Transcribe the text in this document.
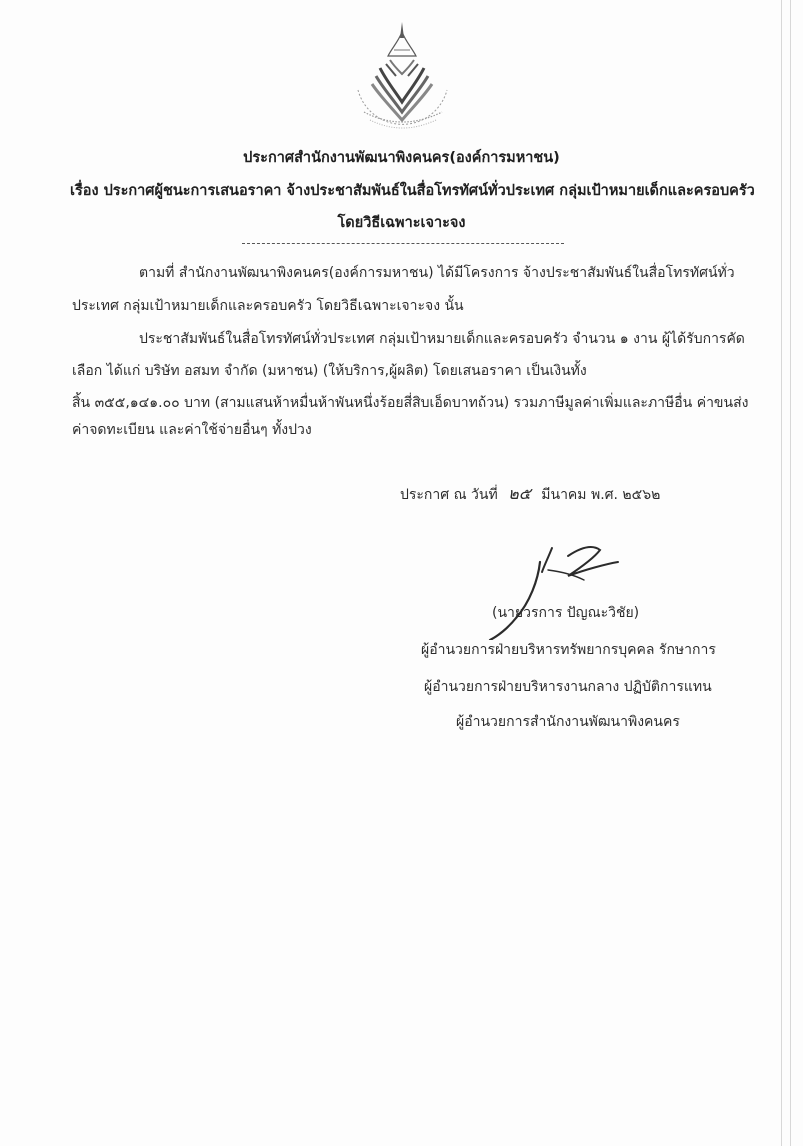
ประกาศสำนักงานพัฒนาพิงคนคร(องค์การมหาชน)
เรื่อง ประกาศผู้ชนะการเสนอราคา จ้างประชาสัมพันธ์ในสื่อโทรทัศน์ทั่วประเทศ กลุ่มเป้าหมายเด็กและครอบครัว
โดยวิธีเฉพาะเจาะจง
ตามที่ สำนักงานพัฒนาพิงคนคร(องค์การมหาชน) ได้มีโครงการ จ้างประชาสัมพันธ์ในสื่อโทรทัศน์ทั่ว
ประเทศ กลุ่มเป้าหมายเด็กและครอบครัว โดยวิธีเฉพาะเจาะจง นั้น
ประชาสัมพันธ์ในสื่อโทรทัศน์ทั่วประเทศ กลุ่มเป้าหมายเด็กและครอบครัว จำนวน ๑ งาน ผู้ได้รับการคัด
เลือก ได้แก่ บริษัท อสมท จำกัด (มหาชน) (ให้บริการ,ผู้ผลิต) โดยเสนอราคา เป็นเงินทั้ง
สิ้น ๓๕๕,๑๔๑.๐๐ บาท (สามแสนห้าหมื่นห้าพันหนึ่งร้อยสี่สิบเอ็ดบาทถ้วน) รวมภาษีมูลค่าเพิ่มและภาษีอื่น ค่าขนส่ง
ค่าจดทะเบียน และค่าใช้จ่ายอื่นๆ ทั้งปวง
ประกาศ ณ วันที่ ๒๕ มีนาคม พ.ศ. ๒๕๖๒
(นายวรการ ปัญณะวิชัย)
ผู้อำนวยการฝ่ายบริหารทรัพยากรบุคคล รักษาการ
ผู้อำนวยการฝ่ายบริหารงานกลาง ปฏิบัติการแทน
ผู้อำนวยการสำนักงานพัฒนาพิงคนคร
